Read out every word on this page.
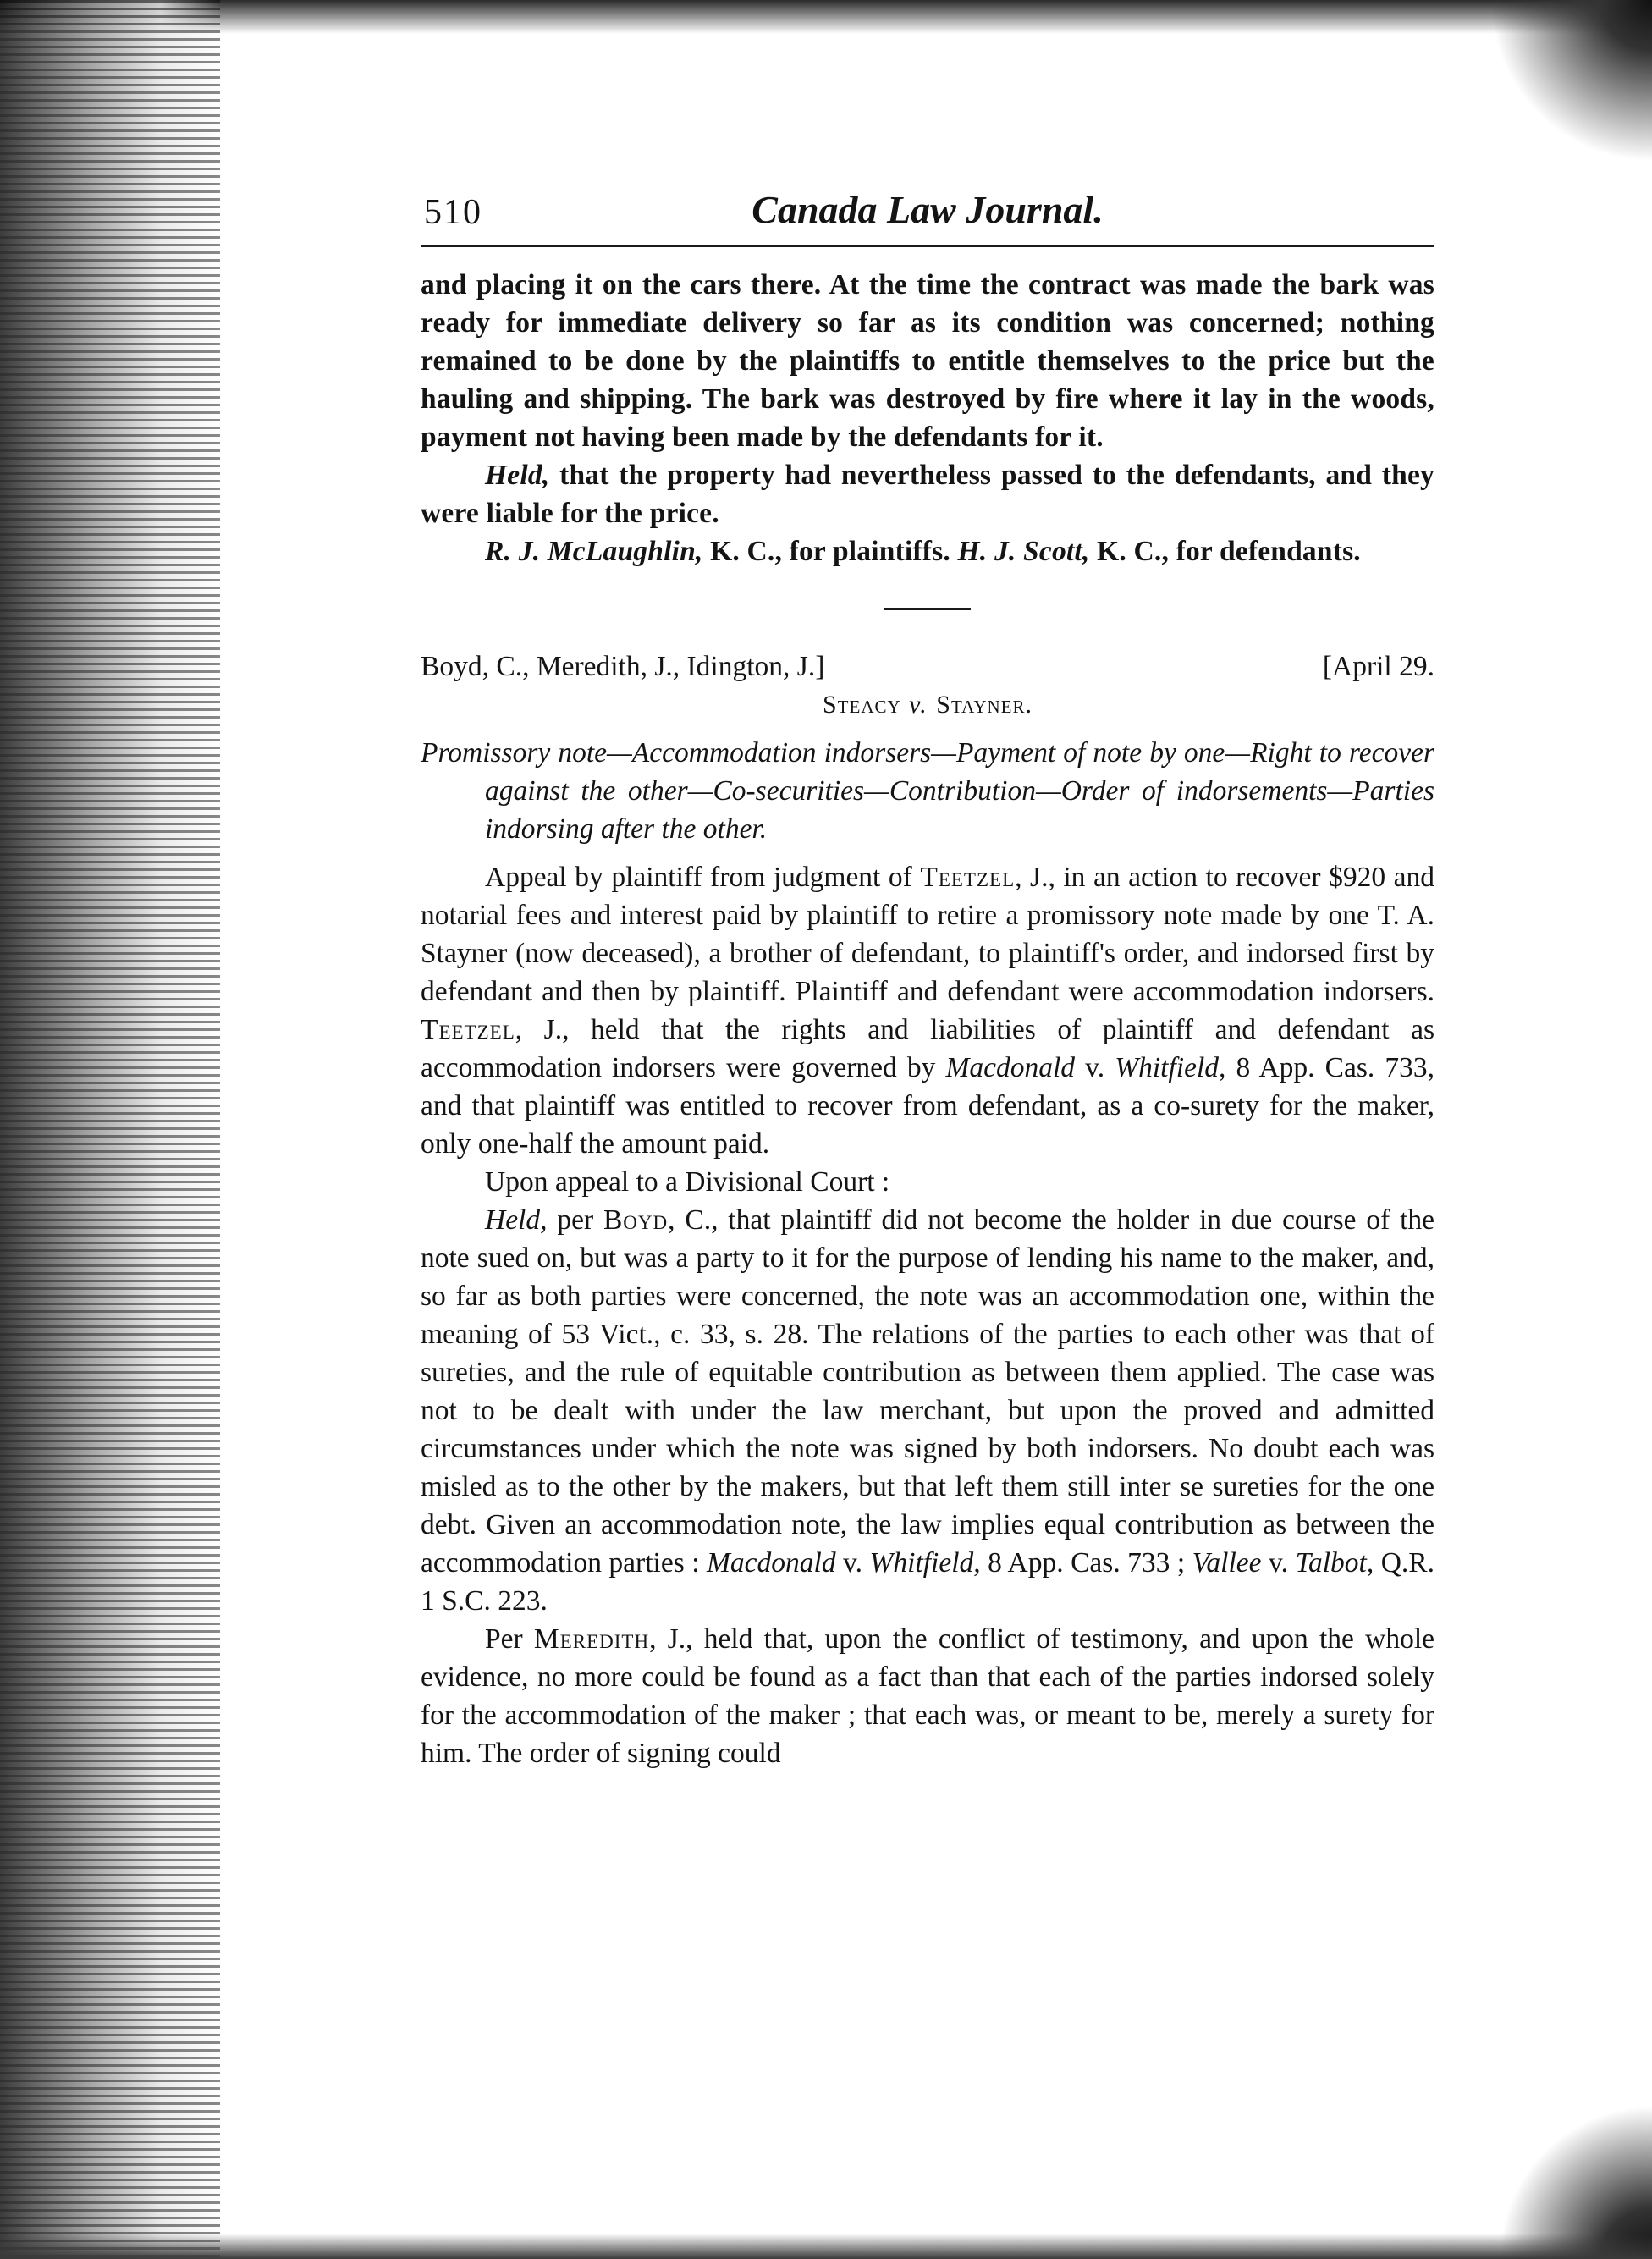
510	Canada Law Journal.

and placing it on the cars there. At the time the contract was made the bark was ready for immediate delivery so far as its condition was concerned; nothing remained to be done by the plaintiffs to entitle themselves to the price but the hauling and shipping. The bark was destroyed by fire where it lay in the woods, payment not having been made by the defendants for it.

Held, that the property had nevertheless passed to the defendants, and they were liable for the price.

R. J. McLaughlin, K. C., for plaintiffs. H. J. Scott, K. C., for defendants.

Boyd, C., Meredith, J., Idington, J.]	[April 29.

Steacy v. Stayner.

Promissory note—Accommodation indorsers—Payment of note by one—Right to recover against the other—Co-securities—Contribution—Order of indorsements—Parties indorsing after the other.

Appeal by plaintiff from judgment of Teetzel, J., in an action to recover $920 and notarial fees and interest paid by plaintiff to retire a promissory note made by one T. A. Stayner (now deceased), a brother of defendant, to plaintiff's order, and indorsed first by defendant and then by plaintiff. Plaintiff and defendant were accommodation indorsers. Teetzel, J., held that the rights and liabilities of plaintiff and defendant as accommodation indorsers were governed by Macdonald v. Whitfield, 8 App. Cas. 733, and that plaintiff was entitled to recover from defendant, as a co-surety for the maker, only one-half the amount paid.

Upon appeal to a Divisional Court :

Held, per Boyd, C., that plaintiff did not become the holder in due course of the note sued on, but was a party to it for the purpose of lending his name to the maker, and, so far as both parties were concerned, the note was an accommodation one, within the meaning of 53 Vict., c. 33, s. 28. The relations of the parties to each other was that of sureties, and the rule of equitable contribution as between them applied. The case was not to be dealt with under the law merchant, but upon the proved and admitted circumstances under which the note was signed by both indorsers. No doubt each was misled as to the other by the makers, but that left them still inter se sureties for the one debt. Given an accommodation note, the law implies equal contribution as between the accommodation parties : Macdonald v. Whitfield, 8 App. Cas. 733 ; Vallee v. Talbot, Q.R. 1 S.C. 223.

Per Meredith, J., held that, upon the conflict of testimony, and upon the whole evidence, no more could be found as a fact than that each of the parties indorsed solely for the accommodation of the maker ; that each was, or meant to be, merely a surety for him. The order of signing could
